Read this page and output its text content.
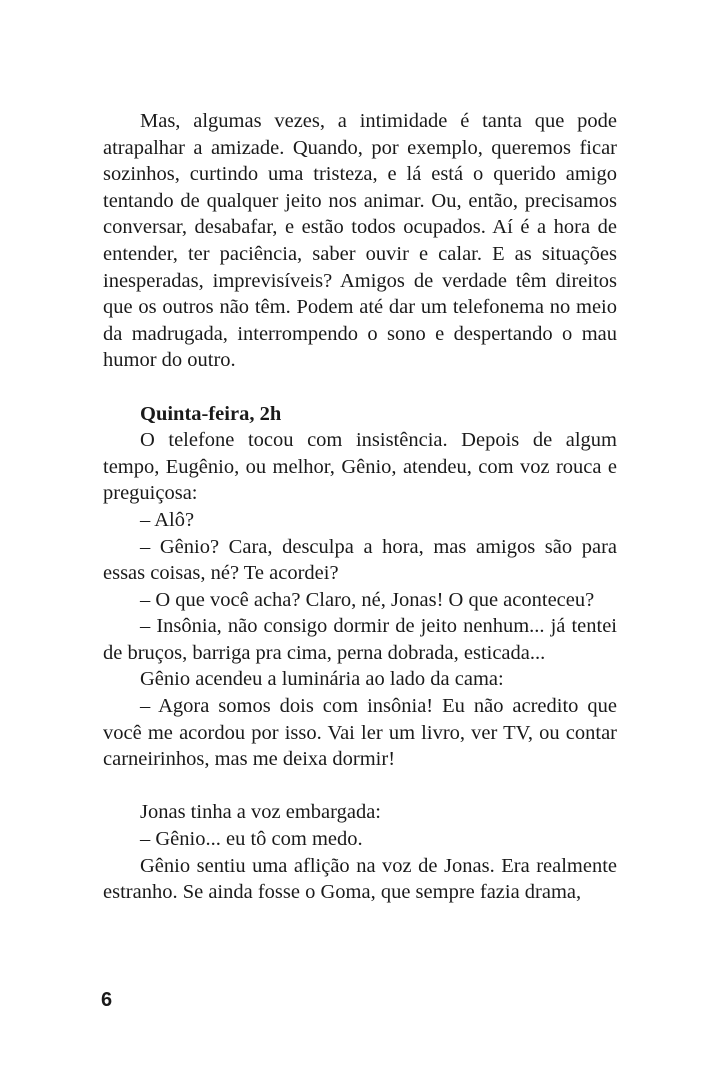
Mas, algumas vezes, a intimidade é tanta que pode atrapalhar a amizade. Quando, por exemplo, queremos ficar sozinhos, curtindo uma tristeza, e lá está o querido amigo tentando de qualquer jeito nos animar. Ou, então, precisamos conversar, desabafar, e estão todos ocupados. Aí é a hora de entender, ter paciência, saber ouvir e calar. E as situações inesperadas, imprevisíveis? Amigos de verdade têm direitos que os outros não têm. Podem até dar um telefonema no meio da madrugada, interrompendo o sono e despertando o mau humor do outro.

Quinta-feira, 2h

O telefone tocou com insistência. Depois de algum tempo, Eugênio, ou melhor, Gênio, atendeu, com voz rouca e preguiçosa:

– Alô?

– Gênio? Cara, desculpa a hora, mas amigos são para essas coisas, né? Te acordei?

– O que você acha? Claro, né, Jonas! O que aconteceu?

– Insônia, não consigo dormir de jeito nenhum... já tentei de bruços, barriga pra cima, perna dobrada, esticada...

Gênio acendeu a luminária ao lado da cama:

– Agora somos dois com insônia! Eu não acredito que você me acordou por isso. Vai ler um livro, ver TV, ou contar carneirinhos, mas me deixa dormir!

Jonas tinha a voz embargada:

– Gênio... eu tô com medo.

Gênio sentiu uma aflição na voz de Jonas. Era realmente estranho. Se ainda fosse o Goma, que sempre fazia drama,

6
